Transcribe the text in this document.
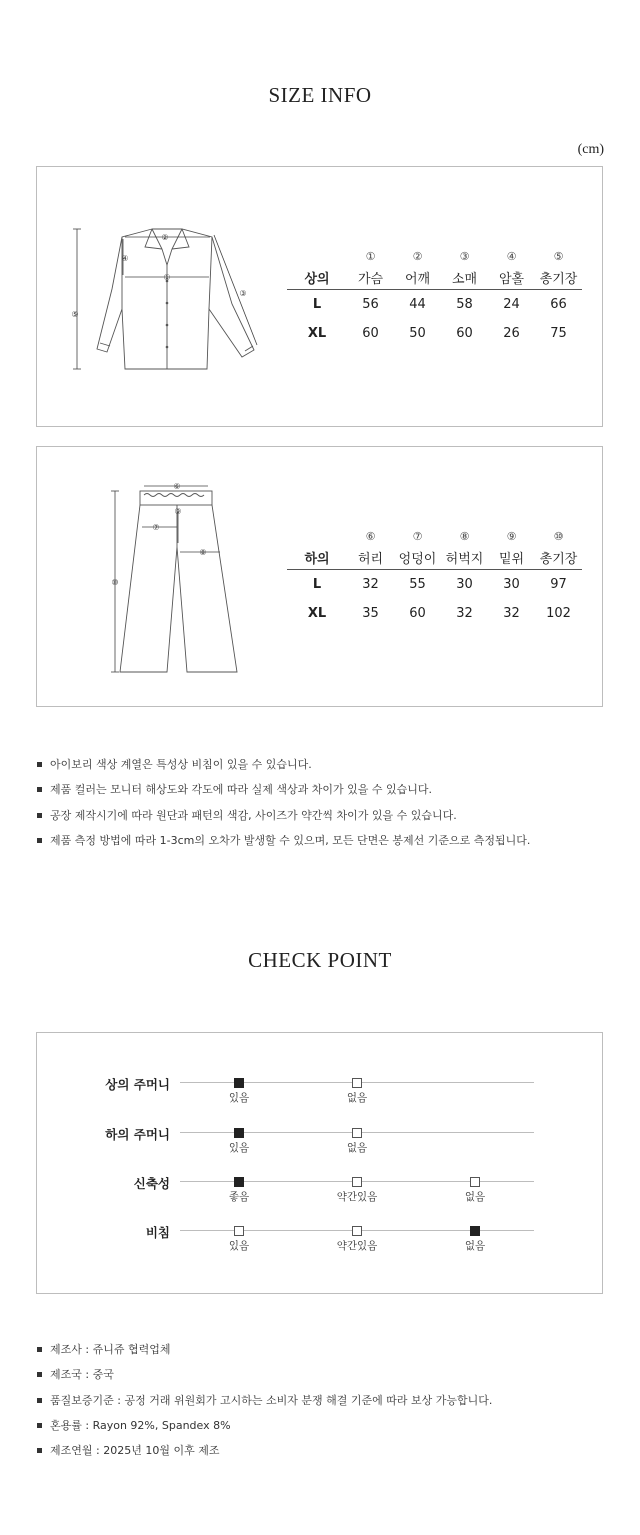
SIZE INFO
(cm)
①
②
③
④
⑤
	①	②	③	④	⑤
상의	가슴	어깨	소매	암홀	총기장
L	56	44	58	24	66
XL	60	50	60	26	75
⑥
⑦
⑧
⑨
⑩
	⑥	⑦	⑧	⑨	⑩
하의	허리	엉덩이	허벅지	밑위	총기장
L	32	55	30	30	97
XL	35	60	32	32	102
아이보리 색상 계열은 특성상 비침이 있을 수 있습니다.
제품 컬러는 모니터 해상도와 각도에 따라 실제 색상과 차이가 있을 수 있습니다.
공장 제작시기에 따라 원단과 패턴의 색감, 사이즈가 약간씩 차이가 있을 수 있습니다.
제품 측정 방법에 따라 1-3cm의 오차가 발생할 수 있으며, 모든 단면은 봉제선 기준으로 측정됩니다.
CHECK POINT
상의 주머니
있음	없음
하의 주머니
있음	없음
신축성
좋음	약간있음	없음
비침
있음	약간있음	없음
제조사 : 쥬니쥬 협력업체
제조국 : 중국
품질보증기준 : 공정 거래 위원회가 고시하는 소비자 분쟁 해결 기준에 따라 보상 가능합니다.
혼용률 : Rayon 92%, Spandex 8%
제조연월 : 2025년 10월 이후 제조
